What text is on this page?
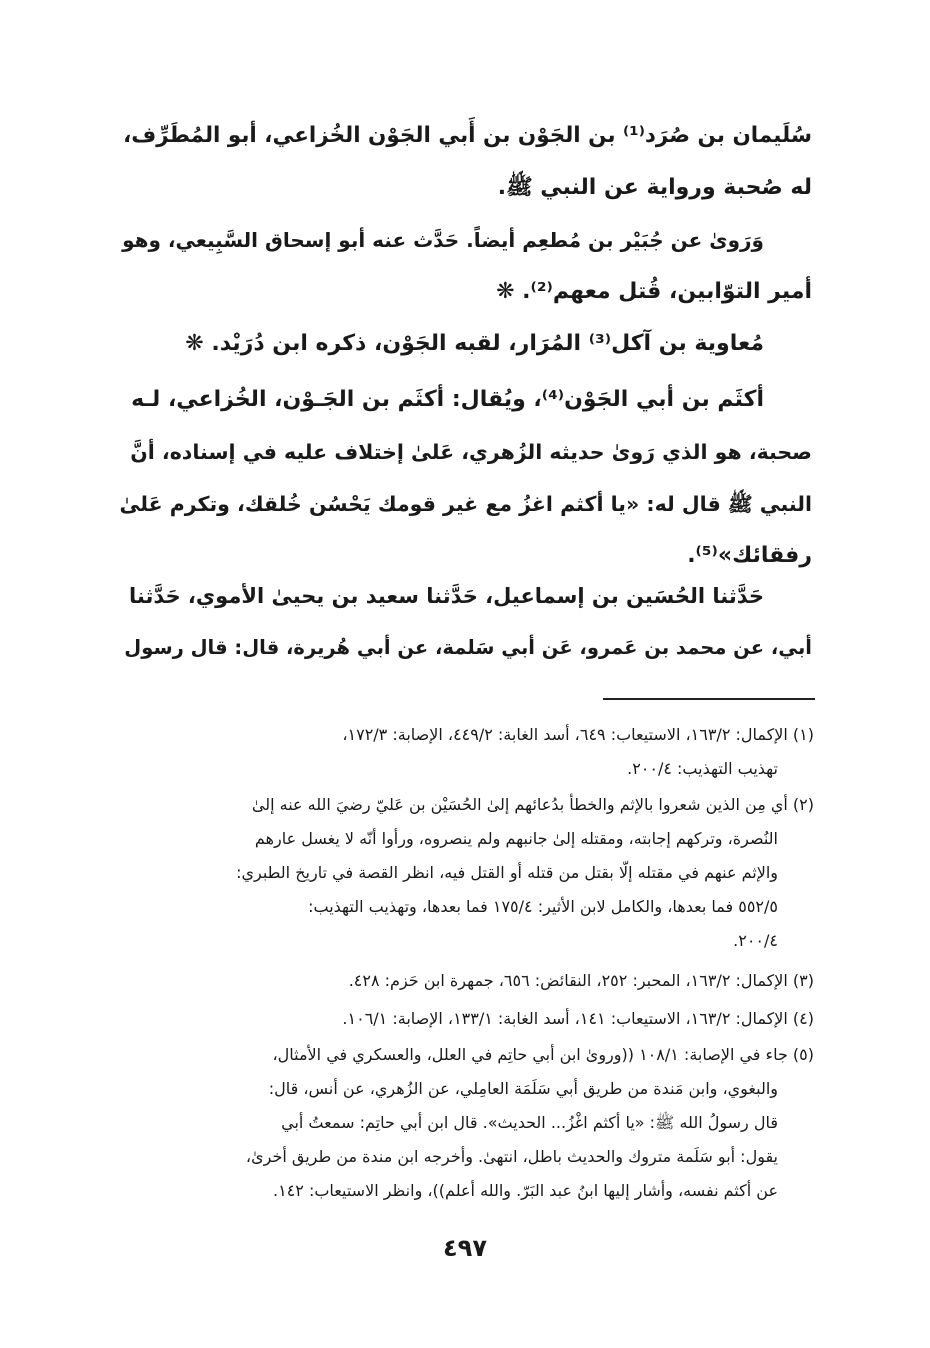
سُلَيمان بن صُرَد⁽¹⁾ بن الجَوْن بن أَبي الجَوْن الخُزاعي، أبو المُطَرِّف،
له صُحبة ورواية عن النبي ﷺ.
وَرَوىٰ عن جُبَيْر بن مُطعِم أيضاً. حَدَّث عنه أبو إسحاق السَّبِيعي، وهو
أمير التوّابين، قُتل معهم⁽²⁾. ❋
مُعاوية بن آكل⁽³⁾ المُرَار، لقبه الجَوْن، ذكره ابن دُرَيْد. ❋
أكثَم بن أبي الجَوْن⁽⁴⁾، ويُقال: أكثَم بن الجَـوْن، الخُزاعي، لـه
صحبة، هو الذي رَوىٰ حديثه الزُهري، عَلىٰ إختلاف عليه في إسناده، أنَّ
النبي ﷺ قال له: «يا أكثم اغزُ مع غير قومك يَحْسُن خُلقك، وتكرم عَلىٰ
رفقائك»⁽⁵⁾.
حَدَّثنا الحُسَين بن إسماعيل، حَدَّثنا سعيد بن يحيىٰ الأموي، حَدَّثنا
أبي، عن محمد بن عَمرو، عَن أبي سَلمة، عن أبي هُريرة، قال: قال رسول
(١) الإكمال: ١٦٣/٢، الاستيعاب: ٦٤٩، أسد الغابة: ٤٤٩/٢، الإصابة: ١٧٢/٣،
تهذيب التهذيب: ٢٠٠/٤.
(٢) أي مِن الذين شعروا بالإثم والخطأ بدُعائهم إلىٰ الحُسَيْن بن عَليّ رضيَ الله عنه إلىٰ
النُصرة، وتركهم إجابته، ومقتله إلىٰ جانبهم ولم ينصروه، ورأوا أنّه لا يغسل عارهم
والإثم عنهم في مقتله إلّا بقتل من قتله أو القتل فيه، انظر القصة في تاريخ الطبري:
٥٥٢/٥ فما بعدها، والكامل لابن الأثير: ١٧٥/٤ فما بعدها، وتهذيب التهذيب:
٢٠٠/٤.
(٣) الإكمال: ١٦٣/٢، المحبر: ٢٥٢، النقائض: ٦٥٦، جمهرة ابن حَزم: ٤٢٨.
(٤) الإكمال: ١٦٣/٢، الاستيعاب: ١٤١، أسد الغابة: ١٣٣/١، الإصابة: ١٠٦/١.
(٥) جاء في الإصابة: ١٠٨/١ ((وروىٰ ابن أبي حاتِم في العلل، والعسكري في الأمثال،
والبغوي، وابن مَندة من طريق أبي سَلَمَة العامِلي، عن الزُهري، عن أنس، قال:
قال رسولُ الله ﷺ: «يا أكثم اغْزُ... الحديث». قال ابن أبي حاتِم: سمعتُ أبي
يقول: أبو سَلَمة متروك والحديث باطل، انتهىٰ. وأخرجه ابن مندة من طريق أخرىٰ،
عن أكثم نفسه، وأشار إليها ابنُ عبد البَرّ. والله أعلم))، وانظر الاستيعاب: ١٤٢.
٤٩٧
